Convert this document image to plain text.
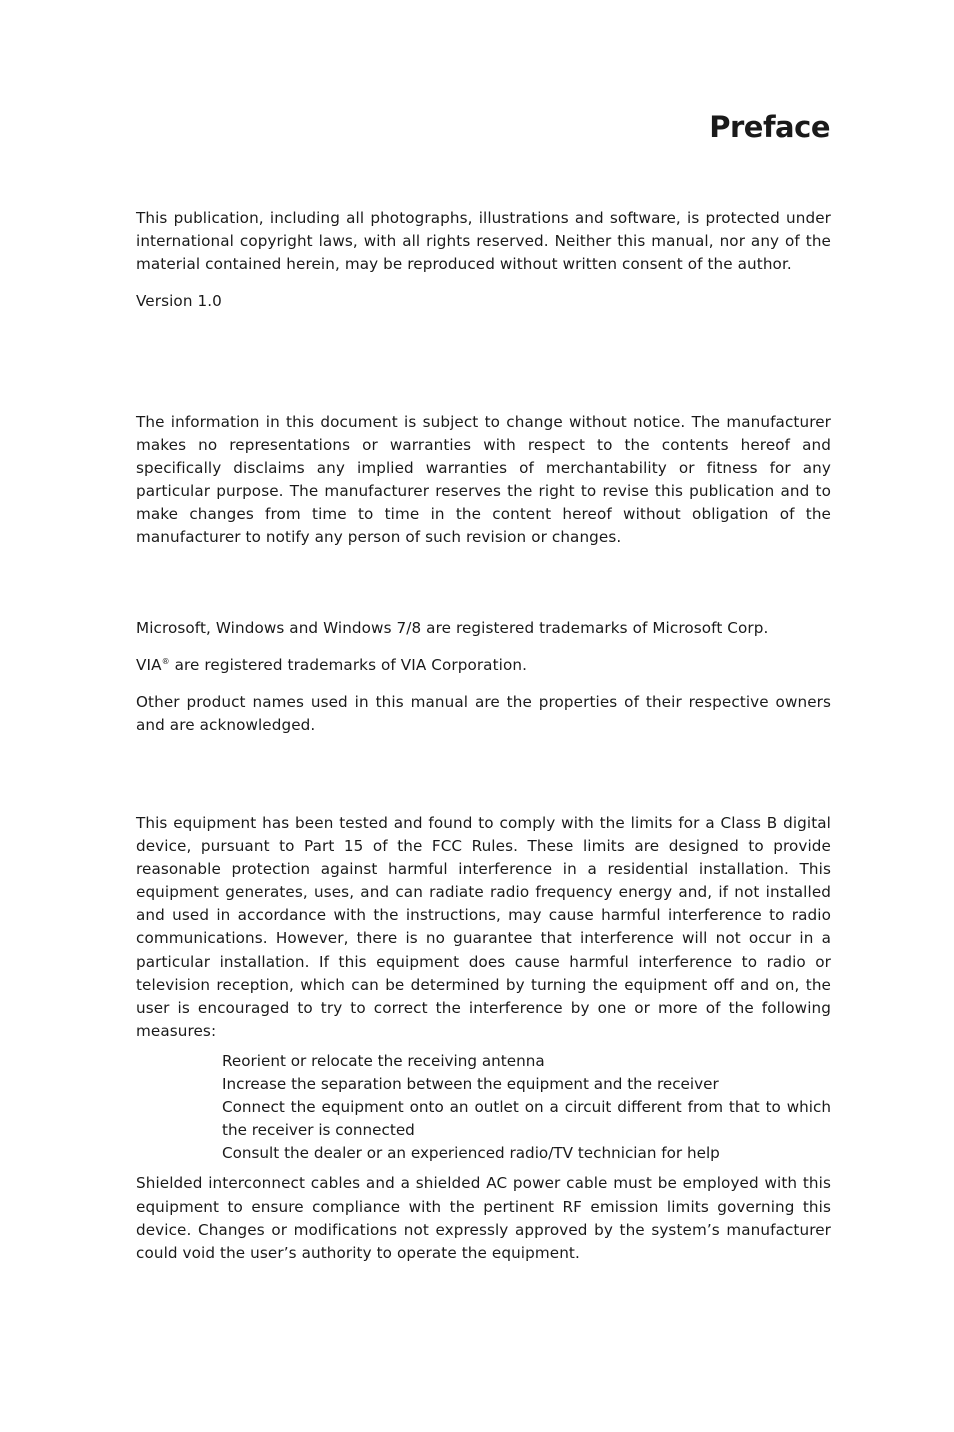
Preface

This publication, including all photographs, illustrations and software, is protected under international copyright laws, with all rights reserved. Neither this manual, nor any of the material contained herein, may be reproduced without written consent of the author.

Version 1.0

The information in this document is subject to change without notice. The manufacturer makes no representations or warranties with respect to the contents hereof and specifically disclaims any implied warranties of merchantability or fitness for any particular purpose. The manufacturer reserves the right to revise this publication and to make changes from time to time in the content hereof without obligation of the manufacturer to notify any person of such revision or changes.

Microsoft, Windows and Windows 7/8 are registered trademarks of Microsoft Corp.

VIA® are registered trademarks of VIA Corporation.

Other product names used in this manual are the properties of their respective owners and are acknowledged.

This equipment has been tested and found to comply with the limits for a Class B digital device, pursuant to Part 15 of the FCC Rules. These limits are designed to provide reasonable protection against harmful interference in a residential installation. This equipment generates, uses, and can radiate radio frequency energy and, if not installed and used in accordance with the instructions, may cause harmful interference to radio communications. However, there is no guarantee that interference will not occur in a particular installation. If this equipment does cause harmful interference to radio or television reception, which can be determined by turning the equipment off and on, the user is encouraged to try to correct the interference by one or more of the following measures:

Reorient or relocate the receiving antenna
Increase the separation between the equipment and the receiver
Connect the equipment onto an outlet on a circuit different from that to which the receiver is connected
Consult the dealer or an experienced radio/TV technician for help

Shielded interconnect cables and a shielded AC power cable must be employed with this equipment to ensure compliance with the pertinent RF emission limits governing this device. Changes or modifications not expressly approved by the system’s manufacturer could void the user’s authority to operate the equipment.
